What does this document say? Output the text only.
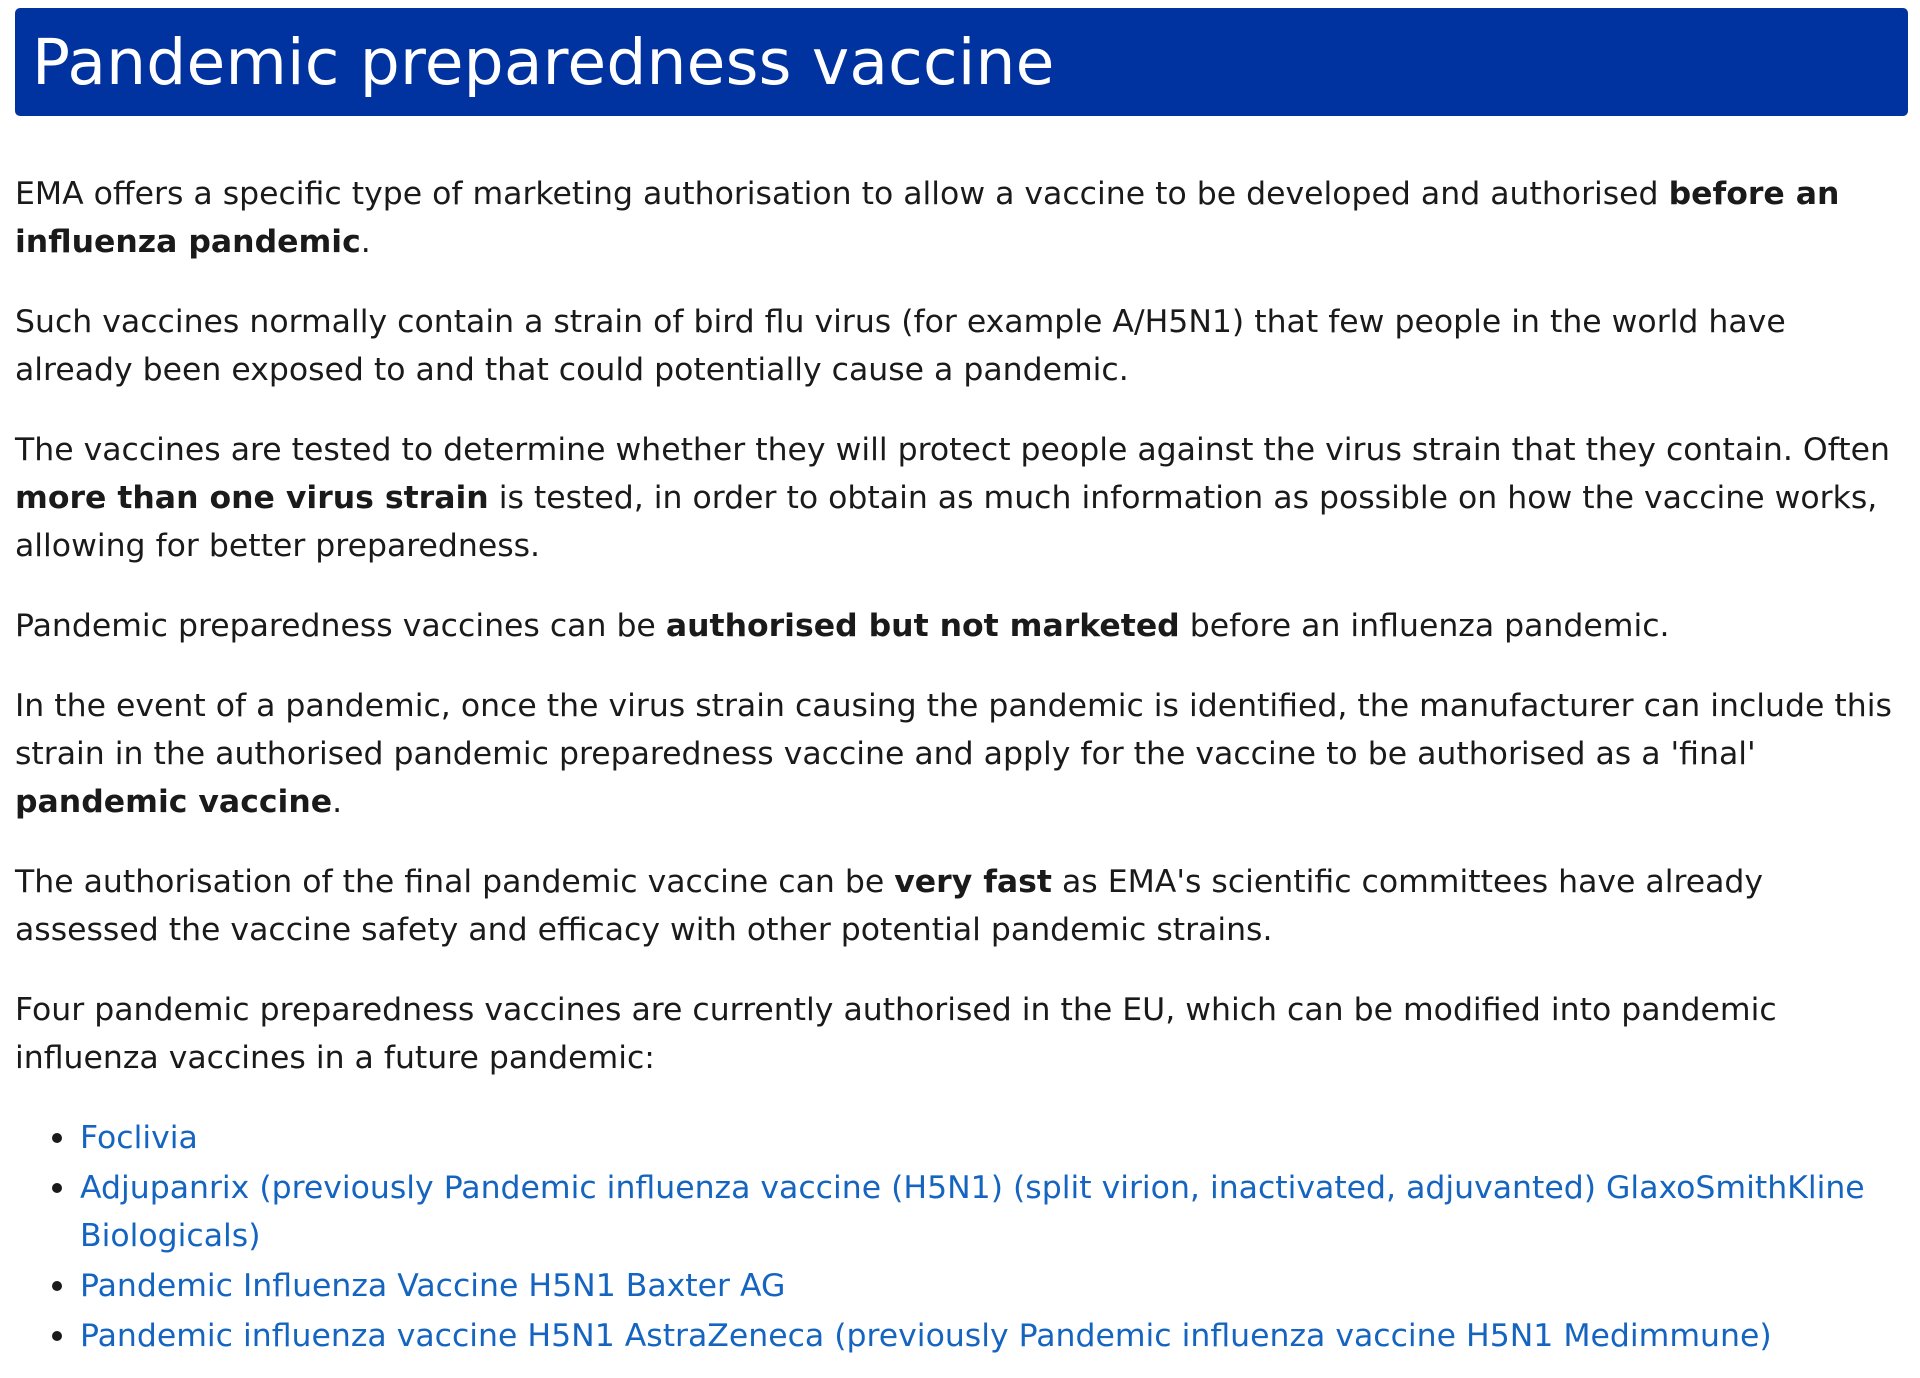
Pandemic preparedness vaccine

EMA offers a specific type of marketing authorisation to allow a vaccine to be developed and authorised before an influenza pandemic.

Such vaccines normally contain a strain of bird flu virus (for example A/H5N1) that few people in the world have already been exposed to and that could potentially cause a pandemic.

The vaccines are tested to determine whether they will protect people against the virus strain that they contain. Often more than one virus strain is tested, in order to obtain as much information as possible on how the vaccine works, allowing for better preparedness.

Pandemic preparedness vaccines can be authorised but not marketed before an influenza pandemic.

In the event of a pandemic, once the virus strain causing the pandemic is identified, the manufacturer can include this strain in the authorised pandemic preparedness vaccine and apply for the vaccine to be authorised as a 'final' pandemic vaccine.

The authorisation of the final pandemic vaccine can be very fast as EMA's scientific committees have already assessed the vaccine safety and efficacy with other potential pandemic strains.

Four pandemic preparedness vaccines are currently authorised in the EU, which can be modified into pandemic influenza vaccines in a future pandemic:

Foclivia
Adjupanrix (previously Pandemic influenza vaccine (H5N1) (split virion, inactivated, adjuvanted) GlaxoSmithKline Biologicals)
Pandemic Influenza Vaccine H5N1 Baxter AG
Pandemic influenza vaccine H5N1 AstraZeneca (previously Pandemic influenza vaccine H5N1 Medimmune)
